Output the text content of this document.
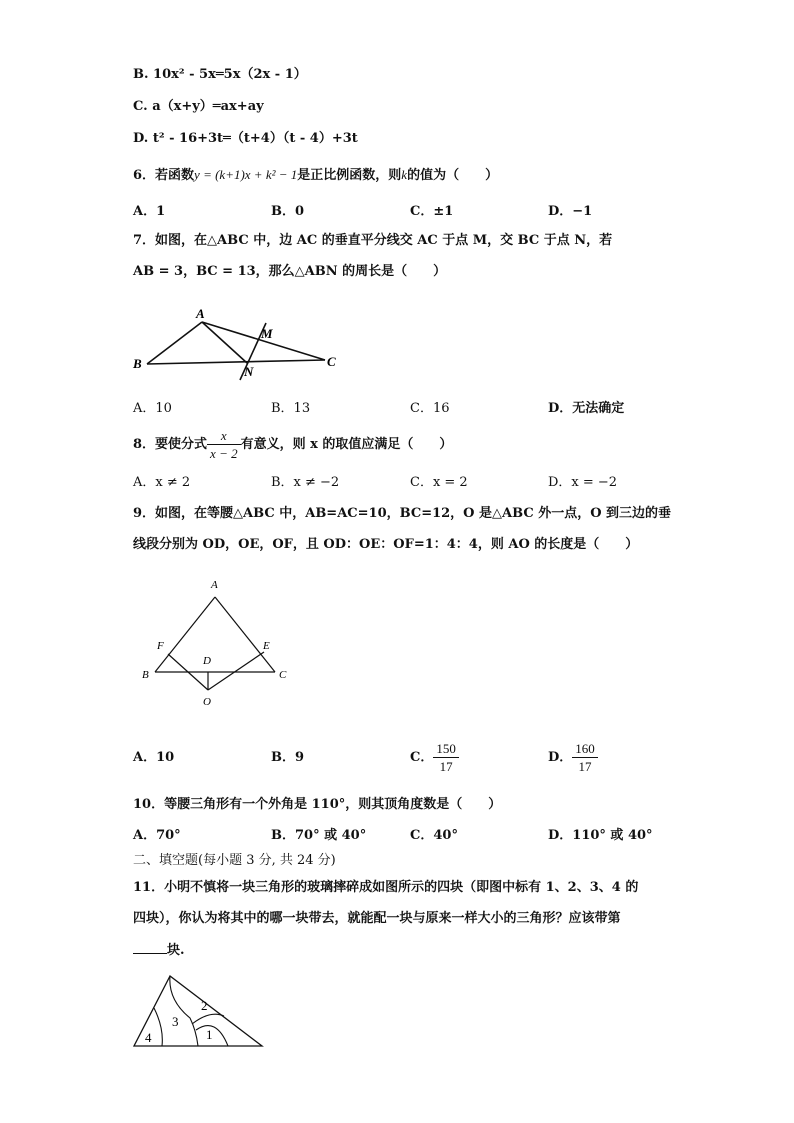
B. 10x² - 5x═5x（2x - 1）
C. a（x+y）═ax+ay
D. t² - 16+3t═（t+4）（t - 4）+3t
6．若函数y = (k+1)x + k² − 1是正比例函数，则k的值为（　　）
A．1	B．0	C．±1	D．−1
7．如图，在△ABC 中，边 AC 的垂直平分线交 AC 于点 M，交 BC 于点 N，若
AB = 3，BC = 13，那么△ABN 的周长是（　　）
A
B	C
M
N
A．10	B．13	C．16	D．无法确定
8．要使分式 $\frac{x}{x - 2}$ 有意义，则 x 的取值应满足（　　）
A．x ≠ 2	B．x ≠ −2	C．x = 2	D．x = −2
9．如图，在等腰△ABC 中，AB=AC=10，BC=12，O 是△ABC 外一点，O 到三边的垂
线段分别为 OD，OE，OF，且 OD：OE：OF=1：4：4，则 AO 的长度是（　　）
A
B	C
D
E
F
O
A．10	B．9	C． $\frac{150}{17}$	D． $\frac{160}{17}$
10．等腰三角形有一个外角是 110°，则其顶角度数是（　　）
A．70°	B．70° 或 40°	C．40°	D．110° 或 40°
二、填空题(每小题 3 分, 共 24 分)
11．小明不慎将一块三角形的玻璃摔碎成如图所示的四块（即图中标有 1、2、3、4 的
四块），你认为将其中的哪一块带去，就能配一块与原来一样大小的三角形？应该带第
块.
1
2
3
4
